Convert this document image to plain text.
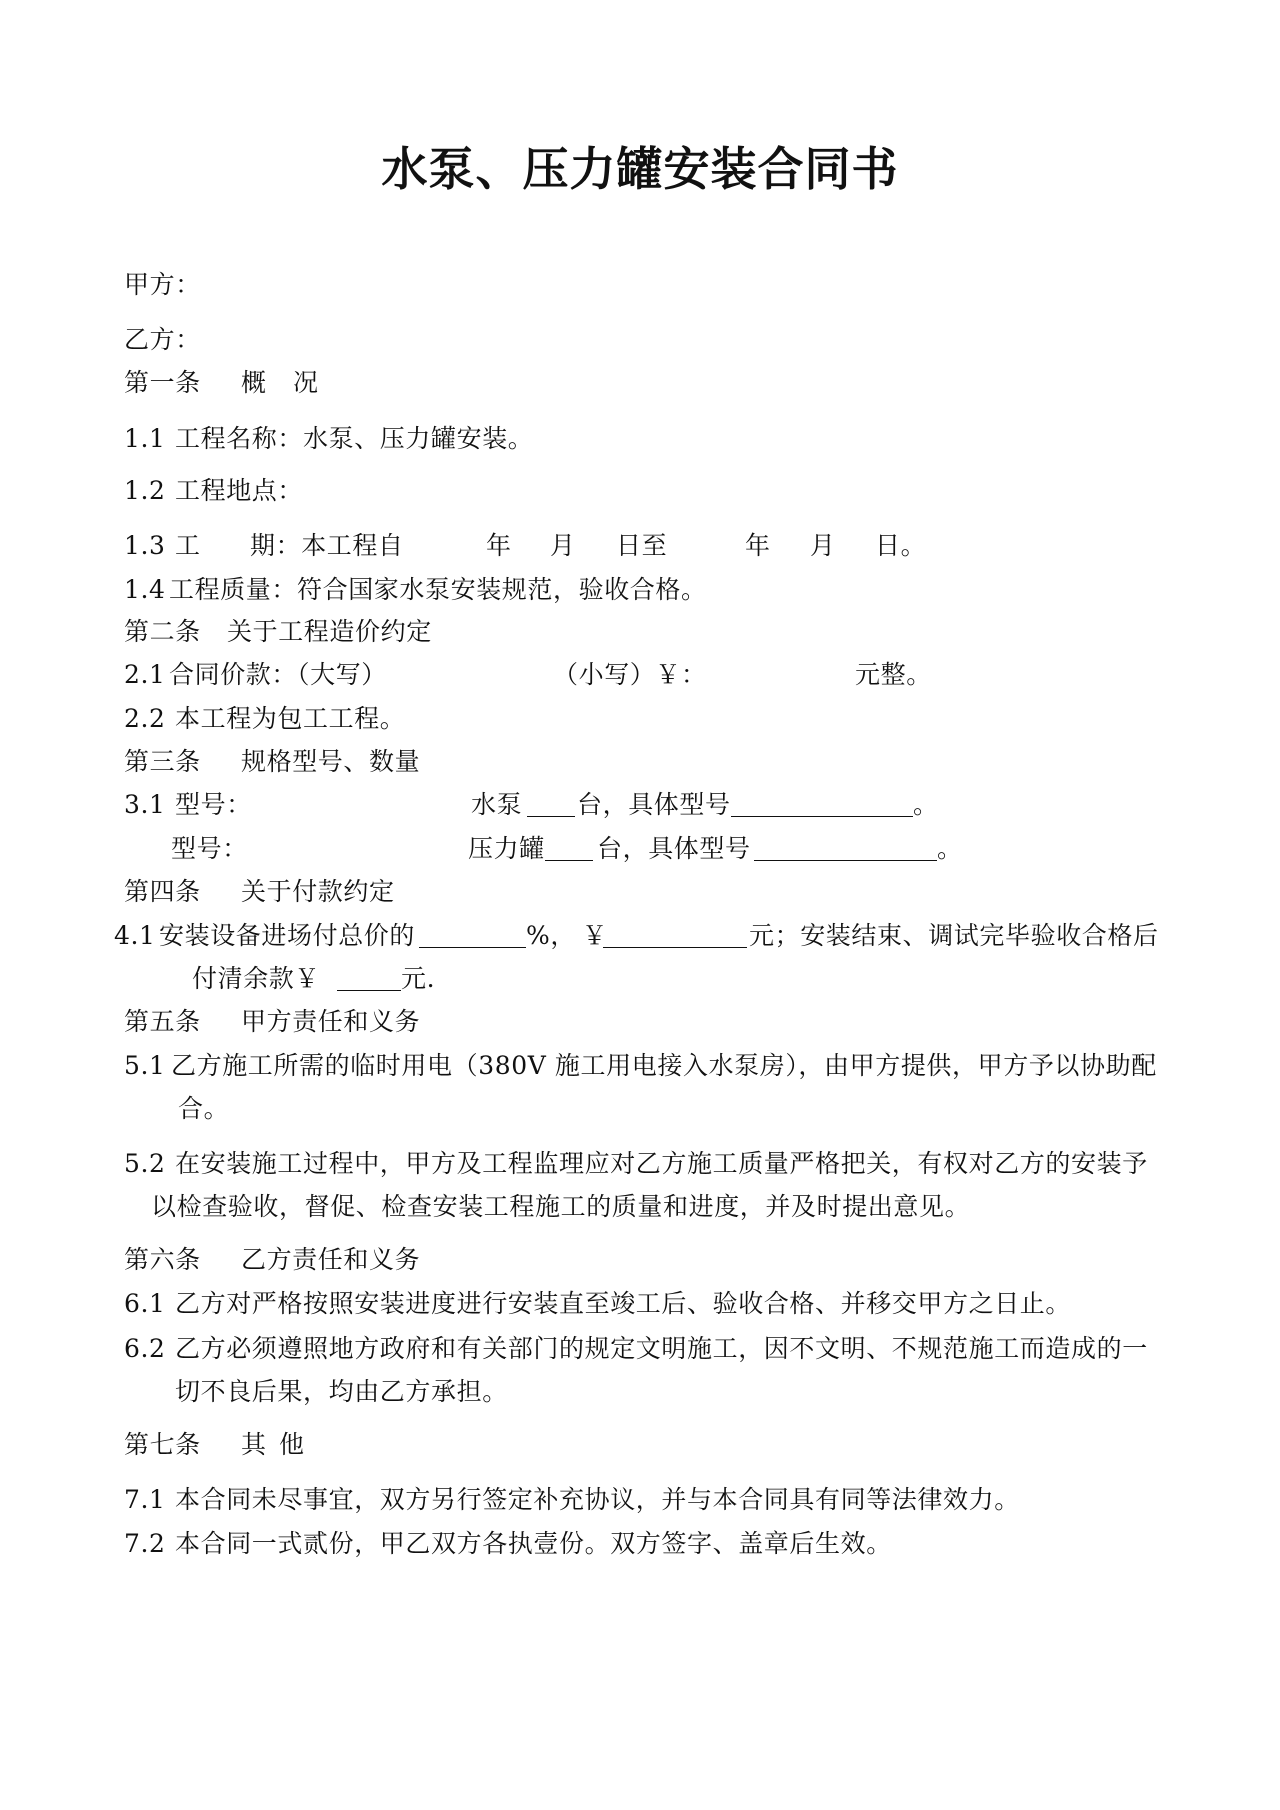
水泵、压力罐安装合同书
甲方：
乙方：
第一条 概 况
1.1 工程名称：水泵、压力罐安装。
1.2 工程地点：
1.3 工 期：本工程自	年 月 日至	年 月 日。
1.4 工程质量：符合国家水泵安装规范，验收合格。
第二条 关于工程造价约定
2.1 合同价款：（大写）	（小写）￥：	元整。
2.2 本工程为包工工程。
第三条 规格型号、数量
3.1 型号：	水泵 台，具体型号	。
型号：	压力罐 台，具体型号	。
第四条 关于付款约定
4.1 安装设备进场付总价的	%， ￥	元；安装结束、调试完毕验收合格后
付清余款￥	元.
第五条 甲方责任和义务
5.1 乙方施工所需的临时用电（380V 施工用电接入水泵房），由甲方提供，甲方予以协助配
合。
5.2 在安装施工过程中，甲方及工程监理应对乙方施工质量严格把关，有权对乙方的安装予
以检查验收，督促、检查安装工程施工的质量和进度，并及时提出意见。
第六条 乙方责任和义务
6.1 乙方对严格按照安装进度进行安装直至竣工后、验收合格、并移交甲方之日止。
6.2 乙方必须遵照地方政府和有关部门的规定文明施工，因不文明、不规范施工而造成的一
切不良后果，均由乙方承担。
第七条 其 他
7.1 本合同未尽事宜，双方另行签定补充协议，并与本合同具有同等法律效力。
7.2 本合同一式贰份，甲乙双方各执壹份。双方签字、盖章后生效。
